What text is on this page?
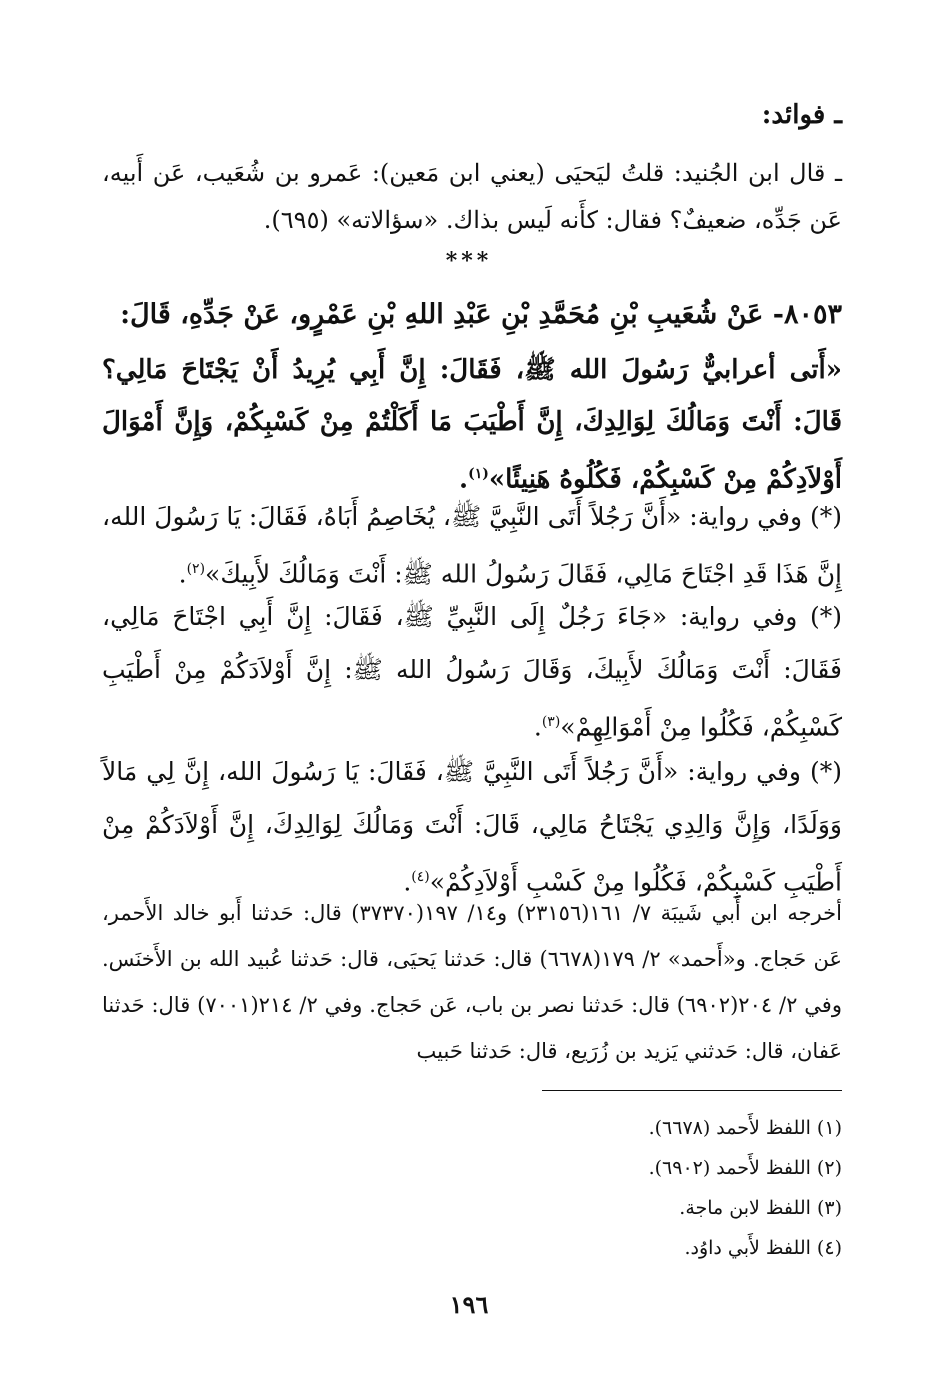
ـ فوائد:
ـ قال ابن الجُنيد: قلتُ ليَحيَى (يعني ابن مَعين): عَمرو بن شُعَيب، عَن أَبيه، عَن جَدِّه، ضعيفٌ؟ فقال: كأَنه لَيس بذاك. «سؤالاته» (٦٩٥).
***
٨٠٥٣- عَنْ شُعَيبِ بْنِ مُحَمَّدِ بْنِ عَبْدِ اللهِ بْنِ عَمْرٍو، عَنْ جَدِّهِ، قَالَ:
«أَتى أعرابيٌّ رَسُولَ الله ﷺ، فَقَالَ: إِنَّ أَبِي يُرِيدُ أَنْ يَجْتَاحَ مَالِي؟ قَالَ: أَنْتَ وَمَالُكَ لِوَالِدِكَ، إِنَّ أَطْيَبَ مَا أَكَلْتُمْ مِنْ كَسْبِكُمْ، وَإِنَّ أَمْوَالَ أَوْلاَدِكُمْ مِنْ كَسْبِكُمْ، فَكُلُوهُ هَنِيئًا»$^{(١)}$.
(*) وفي رواية: «أَنَّ رَجُلاً أَتَى النَّبِيَّ ﷺ، يُخَاصِمُ أَبَاهُ، فَقَالَ: يَا رَسُولَ الله، إِنَّ هَذَا قَدِ اجْتَاحَ مَالِي، فَقَالَ رَسُولُ الله ﷺ: أَنْتَ وَمَالُكَ لأَبِيكَ»$^{(٢)}$.
(*) وفي رواية: «جَاءَ رَجُلٌ إِلَى النَّبِيِّ ﷺ، فَقَالَ: إِنَّ أَبِي اجْتَاحَ مَالِي، فَقَالَ: أَنْتَ وَمَالُكَ لأَبِيكَ، وَقَالَ رَسُولُ الله ﷺ: إِنَّ أَوْلاَدَكُمْ مِنْ أَطْيَبِ كَسْبِكُمْ، فَكُلُوا مِنْ أَمْوَالِهِمْ»$^{(٣)}$.
(*) وفي رواية: «أَنَّ رَجُلاً أَتَى النَّبِيَّ ﷺ، فَقَالَ: يَا رَسُولَ الله، إِنَّ لِي مَالاً وَوَلَدًا، وَإِنَّ وَالِدِي يَجْتَاحُ مَالِي، قَالَ: أَنْتَ وَمَالُكَ لِوَالِدِكَ، إِنَّ أَوْلاَدَكُمْ مِنْ أَطْيَبِ كَسْبِكُمْ، فَكُلُوا مِنْ كَسْبِ أَوْلاَدِكُمْ»$^{(٤)}$.
أخرجه ابن أَبي شَيبَة ٧/ ١٦١(٢٣١٥٦) و١٤/ ١٩٧(٣٧٣٧٠) قال: حَدثنا أَبو خالد الأَحمر، عَن حَجاج. و«أَحمد» ٢/ ١٧٩(٦٦٧٨) قال: حَدثنا يَحيَى، قال: حَدثنا عُبيد الله بن الأَخنَس. وفي ٢/ ٢٠٤(٦٩٠٢) قال: حَدثنا نصر بن باب، عَن حَجاج. وفي ٢/ ٢١٤(٧٠٠١) قال: حَدثنا عَفان، قال: حَدثني يَزيد بن زُرَيع، قال: حَدثنا حَبيب
(١) اللفظ لأَحمد (٦٦٧٨).
(٢) اللفظ لأَحمد (٦٩٠٢).
(٣) اللفظ لابن ماجة.
(٤) اللفظ لأَبي داوُد.
١٩٦
